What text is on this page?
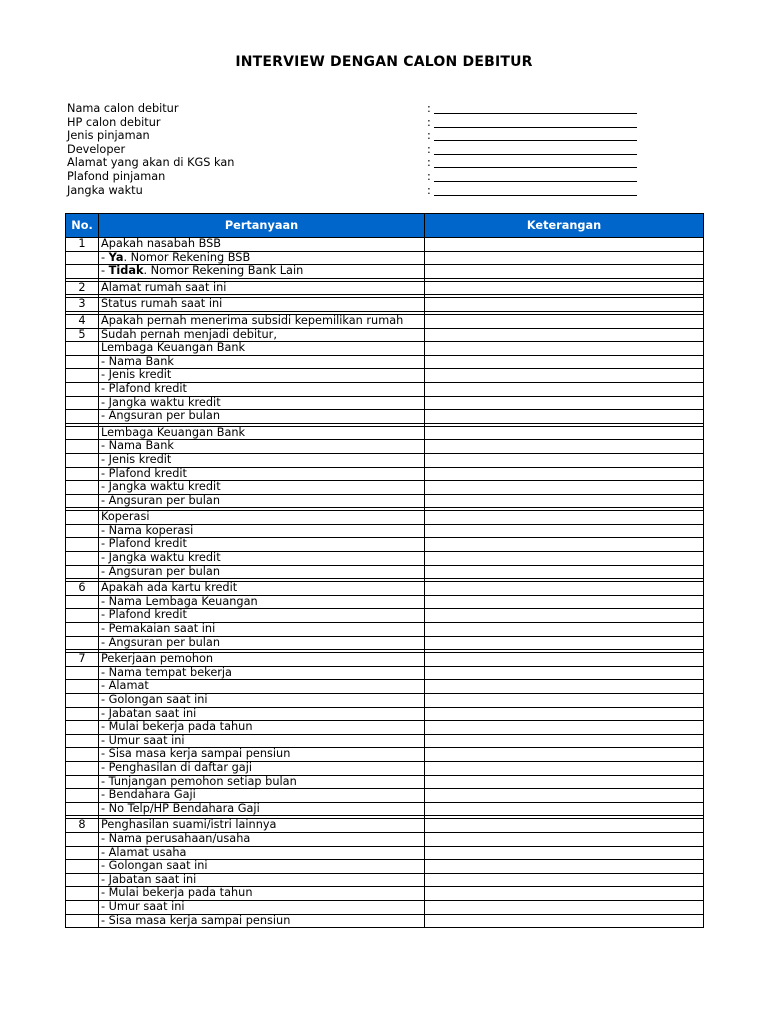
INTERVIEW DENGAN CALON DEBITUR
Nama calon debitur	:
HP calon debitur	:
Jenis pinjaman	:
Developer	:
Alamat yang akan di KGS kan	:
Plafond pinjaman	:
Jangka waktu	:
No.	Pertanyaan	Keterangan
1	Apakah nasabah BSB	
	- Ya. Nomor Rekening BSB	
	- Tidak. Nomor Rekening Bank Lain	

2	Alamat rumah saat ini	

3	Status rumah saat ini	

4	Apakah pernah menerima subsidi kepemilikan rumah	
5	Sudah pernah menjadi debitur,	
	Lembaga Keuangan Bank	
	- Nama Bank	
	- Jenis kredit	
	- Plafond kredit	
	- Jangka waktu kredit	
	- Angsuran per bulan	

	Lembaga Keuangan Bank	
	- Nama Bank	
	- Jenis kredit	
	- Plafond kredit	
	- Jangka waktu kredit	
	- Angsuran per bulan	

	Koperasi	
	- Nama koperasi	
	- Plafond kredit	
	- Jangka waktu kredit	
	- Angsuran per bulan	

6	Apakah ada kartu kredit	
	- Nama Lembaga Keuangan	
	- Plafond kredit	
	- Pemakaian saat ini	
	- Angsuran per bulan	

7	Pekerjaan pemohon	
	- Nama tempat bekerja	
	- Alamat	
	- Golongan saat ini	
	- Jabatan saat ini	
	- Mulai bekerja pada tahun	
	- Umur saat ini	
	- Sisa masa kerja sampai pensiun	
	- Penghasilan di daftar gaji	
	- Tunjangan pemohon setiap bulan	
	- Bendahara Gaji	
	- No Telp/HP Bendahara Gaji	

8	Penghasilan suami/istri lainnya	
	- Nama perusahaan/usaha	
	- Alamat usaha	
	- Golongan saat ini	
	- Jabatan saat ini	
	- Mulai bekerja pada tahun	
	- Umur saat ini	
	- Sisa masa kerja sampai pensiun	
